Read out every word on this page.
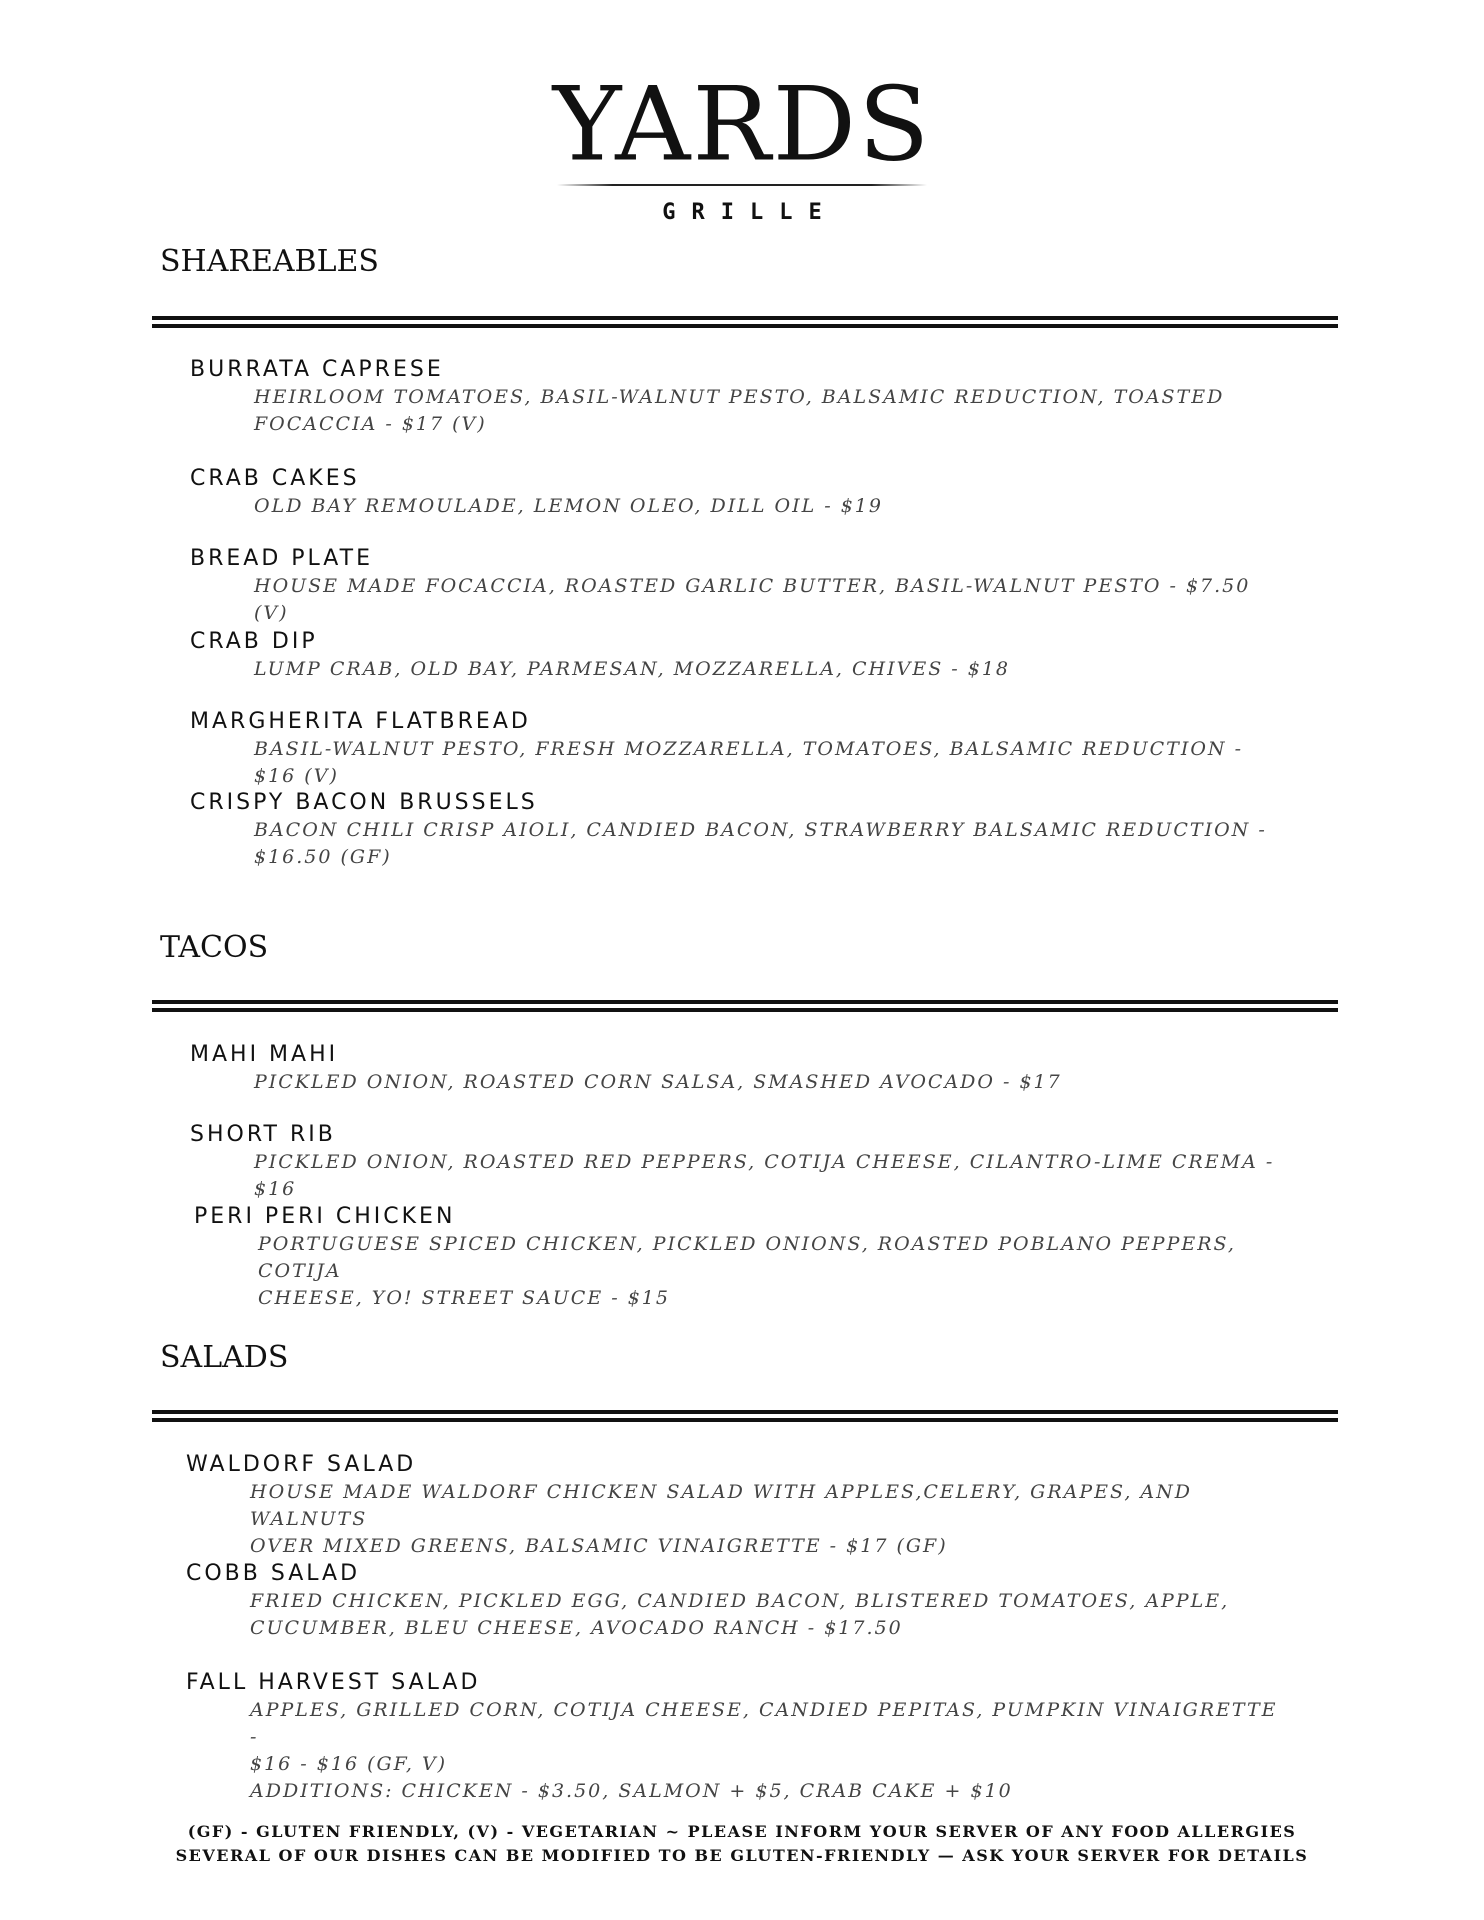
YARDS
GRILLE
SHAREABLES
BURRATA CAPRESE
HEIRLOOM TOMATOES, BASIL-WALNUT PESTO, BALSAMIC REDUCTION, TOASTED
FOCACCIA - $17 (V)
CRAB CAKES
OLD BAY REMOULADE, LEMON OLEO, DILL OIL - $19
BREAD PLATE
HOUSE MADE FOCACCIA, ROASTED GARLIC BUTTER, BASIL-WALNUT PESTO - $7.50 (V)
CRAB DIP
LUMP CRAB, OLD BAY, PARMESAN, MOZZARELLA, CHIVES - $18
MARGHERITA FLATBREAD
BASIL-WALNUT PESTO, FRESH MOZZARELLA, TOMATOES, BALSAMIC REDUCTION - $16 (V)
CRISPY BACON BRUSSELS
BACON CHILI CRISP AIOLI, CANDIED BACON, STRAWBERRY BALSAMIC REDUCTION -
$16.50 (GF)
TACOS
MAHI MAHI
PICKLED ONION, ROASTED CORN SALSA, SMASHED AVOCADO - $17
SHORT RIB
PICKLED ONION, ROASTED RED PEPPERS, COTIJA CHEESE, CILANTRO-LIME CREMA - $16
PERI PERI CHICKEN
PORTUGUESE SPICED CHICKEN, PICKLED ONIONS, ROASTED POBLANO PEPPERS, COTIJA
CHEESE, YO! STREET SAUCE - $15
SALADS
WALDORF SALAD
HOUSE MADE WALDORF CHICKEN SALAD WITH APPLES,CELERY, GRAPES, AND WALNUTS
OVER MIXED GREENS, BALSAMIC VINAIGRETTE - $17 (GF)
COBB SALAD
FRIED CHICKEN, PICKLED EGG, CANDIED BACON, BLISTERED TOMATOES, APPLE,
CUCUMBER, BLEU CHEESE, AVOCADO RANCH - $17.50
FALL HARVEST SALAD
APPLES, GRILLED CORN, COTIJA CHEESE, CANDIED PEPITAS, PUMPKIN VINAIGRETTE -
$16 - $16 (GF, V)
ADDITIONS: CHICKEN - $3.50, SALMON + $5, CRAB CAKE + $10
(GF) - GLUTEN FRIENDLY, (V) - VEGETARIAN ~ PLEASE INFORM YOUR SERVER OF ANY FOOD ALLERGIES
SEVERAL OF OUR DISHES CAN BE MODIFIED TO BE GLUTEN-FRIENDLY — ASK YOUR SERVER FOR DETAILS
